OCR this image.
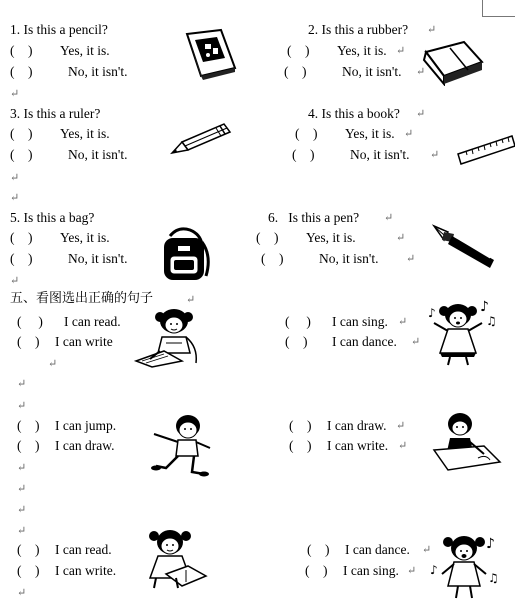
1. Is this a pencil?
(    ) Yes, it is.
(    )	No, it isn't.
↵
2. Is this a rubber? ↵
(    ) Yes, it is. ↵
(    )	No, it isn't. ↵
3. Is this a ruler?
(    ) Yes, it is.
(    )	No, it isn't.
↵
↵
4. Is this a book? ↵
(    ) Yes, it is. ↵
(    )	No, it isn't. ↵
5. Is this a bag?
(    ) Yes, it is.
(    )	No, it isn't.
↵
6.   Is this a pen? ↵
(    ) Yes, it is.	↵
(    )	No, it isn't.	↵
五、看图选出正确的句子	↵
(     ) I can read.
(    ) I can write
↵
↵
↵
(     ) I can sing. ↵
(    ) I can dance. ↵
(    ) I can jump.
(    ) I can draw.
↵
↵
↵
↵
(    ) I can draw. ↵
(    ) I can write. ↵
(    ) I can read.
(    ) I can write.
↵
(    ) I can dance. ↵
(    ) I can sing. ↵
♪
♫
♪
♪
♪
♫
